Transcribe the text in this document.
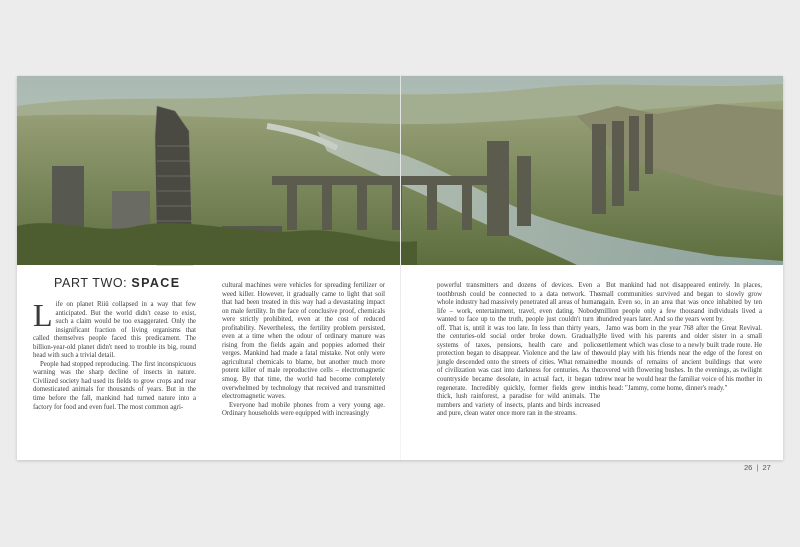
PART TWO: SPACE

Life on planet Riiü collapsed in a way that few anticipated. But the world didn't cease to exist, such a claim would be too exaggerated. Only the insignificant fraction of living organisms that called themselves people faced this predicament. The billion-year-old planet didn't need to trouble its big, round head with such a trivial detail.

People had stopped reproducing. The first inconspicuous warning was the sharp decline of insects in nature. Civilized society had used its fields to grow crops and rear domesticated animals for thousands of years. But in the time before the fall, mankind had turned nature into a factory for food and even fuel. The most common agri-

cultural machines were vehicles for spreading fertilizer or weed killer. However, it gradually came to light that soil that had been treated in this way had a devastating impact on male fertility. In the face of conclusive proof, chemicals were strictly prohibited, even at the cost of reduced profitability. Nevertheless, the fertility problem persisted, even at a time when the odour of ordinary manure was rising from the fields again and poppies adorned their verges. Mankind had made a fatal mistake. Not only were agricultural chemicals to blame, but another much more potent killer of male reproductive cells – electromagnetic smog. By that time, the world had become completely overwhelmed by technology that received and transmitted electromagnetic waves.

Everyone had mobile phones from a very young age. Ordinary households were equipped with increasingly

powerful transmitters and dozens of devices. Even a toothbrush could be connected to a data network. The whole industry had massively penetrated all areas of human life – work, entertainment, travel, even dating. Nobody wanted to face up to the truth, people just couldn't turn it off. That is, until it was too late. In less than thirty years, the centuries-old social order broke down. Gradually, systems of taxes, pensions, health care and police protection began to disappear. Violence and the law of the jungle descended onto the streets of cities. What remained of civilization was cast into darkness for centuries. As the countryside became desolate, in actual fact, it began to regenerate. Incredibly quickly, former fields grew into thick, lush rainforest, a paradise for wild animals. The numbers and variety of insects, plants and birds increased and pure, clean water once more ran in the streams.

But mankind had not disappeared entirely. In places, small communities survived and began to slowly grow again. Even so, in an area that was once inhabited by ten million people only a few thousand individuals lived a hundred years later. And so the years went by.

Jamo was born in the year 768 after the Great Revival. He lived with his parents and older sister in a small settlement which was close to a newly built trade route. He would play with his friends near the edge of the forest on the mounds of remains of ancient buildings that were covered with flowering bushes. In the evenings, as twilight drew near he would hear the familiar voice of his mother in his head: "Jammy, come home, dinner's ready."

26 | 27
